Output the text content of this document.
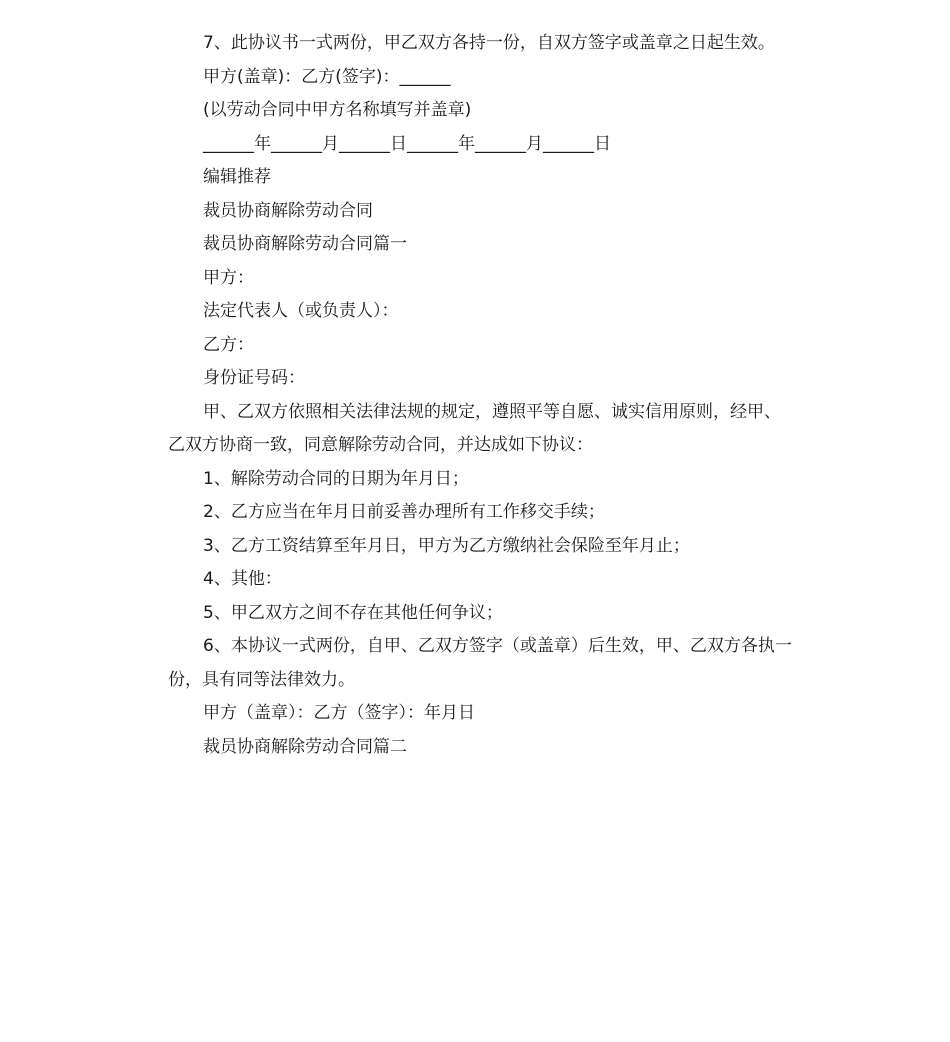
7、此协议书一式两份，甲乙双方各持一份，自双方签字或盖章之日起生效。

甲方(盖章)：乙方(签字)：______

(以劳动合同中甲方名称填写并盖章)

______年______月______日______年______月______日

编辑推荐

裁员协商解除劳动合同

裁员协商解除劳动合同篇一

甲方：

法定代表人（或负责人）：

乙方：

身份证号码：

甲、乙双方依照相关法律法规的规定，遵照平等自愿、诚实信用原则，经甲、乙双方协商一致，同意解除劳动合同，并达成如下协议：

1、解除劳动合同的日期为年月日；

2、乙方应当在年月日前妥善办理所有工作移交手续；

3、乙方工资结算至年月日，甲方为乙方缴纳社会保险至年月止；

4、其他：

5、甲乙双方之间不存在其他任何争议；

6、本协议一式两份，自甲、乙双方签字（或盖章）后生效，甲、乙双方各执一份，具有同等法律效力。

甲方（盖章）：乙方（签字）：年月日

裁员协商解除劳动合同篇二
